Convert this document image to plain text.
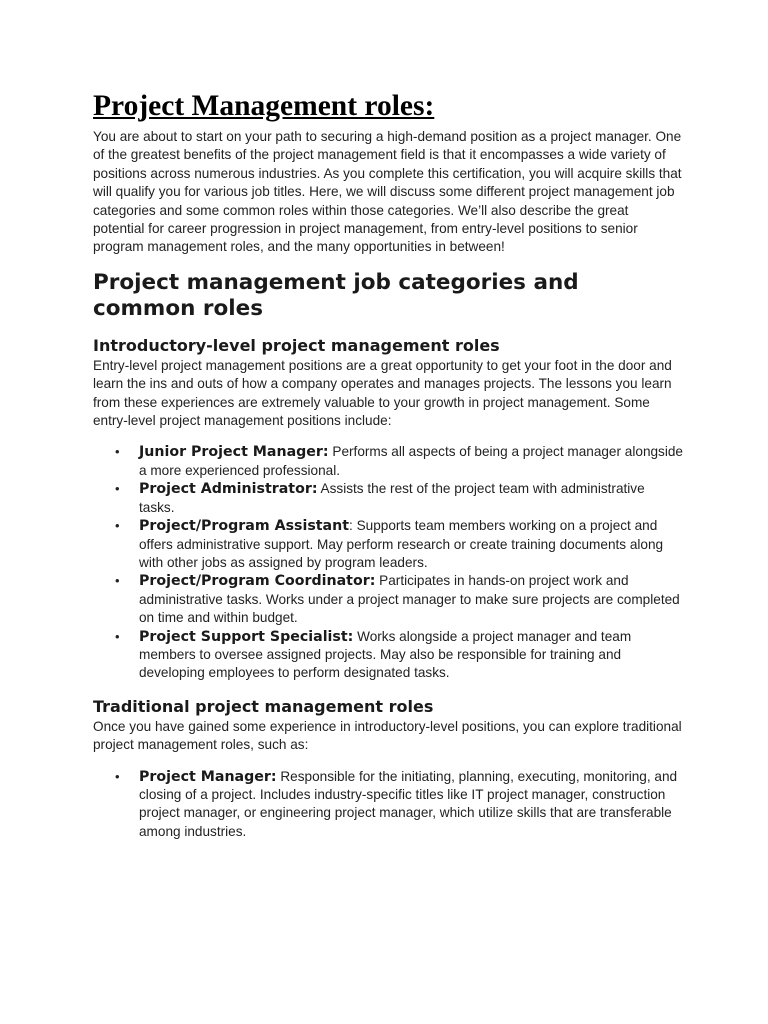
Project Management roles:

You are about to start on your path to securing a high-demand position as a project manager. One of the greatest benefits of the project management field is that it encompasses a wide variety of positions across numerous industries. As you complete this certification, you will acquire skills that will qualify you for various job titles. Here, we will discuss some different project management job categories and some common roles within those categories. We’ll also describe the great potential for career progression in project management, from entry-level positions to senior program management roles, and the many opportunities in between!

Project management job categories and common roles
Introductory-level project management roles

Entry-level project management positions are a great opportunity to get your foot in the door and learn the ins and outs of how a company operates and manages projects. The lessons you learn from these experiences are extremely valuable to your growth in project management. Some entry-level project management positions include:

• Junior Project Manager: Performs all aspects of being a project manager alongside a more experienced professional.
• Project Administrator: Assists the rest of the project team with administrative tasks.
• Project/Program Assistant: Supports team members working on a project and offers administrative support. May perform research or create training documents along with other jobs as assigned by program leaders.
• Project/Program Coordinator: Participates in hands-on project work and administrative tasks. Works under a project manager to make sure projects are completed on time and within budget.
• Project Support Specialist: Works alongside a project manager and team members to oversee assigned projects. May also be responsible for training and developing employees to perform designated tasks.
Traditional project management roles

Once you have gained some experience in introductory-level positions, you can explore traditional project management roles, such as:

• Project Manager: Responsible for the initiating, planning, executing, monitoring, and closing of a project. Includes industry-specific titles like IT project manager, construction project manager, or engineering project manager, which utilize skills that are transferable among industries.
